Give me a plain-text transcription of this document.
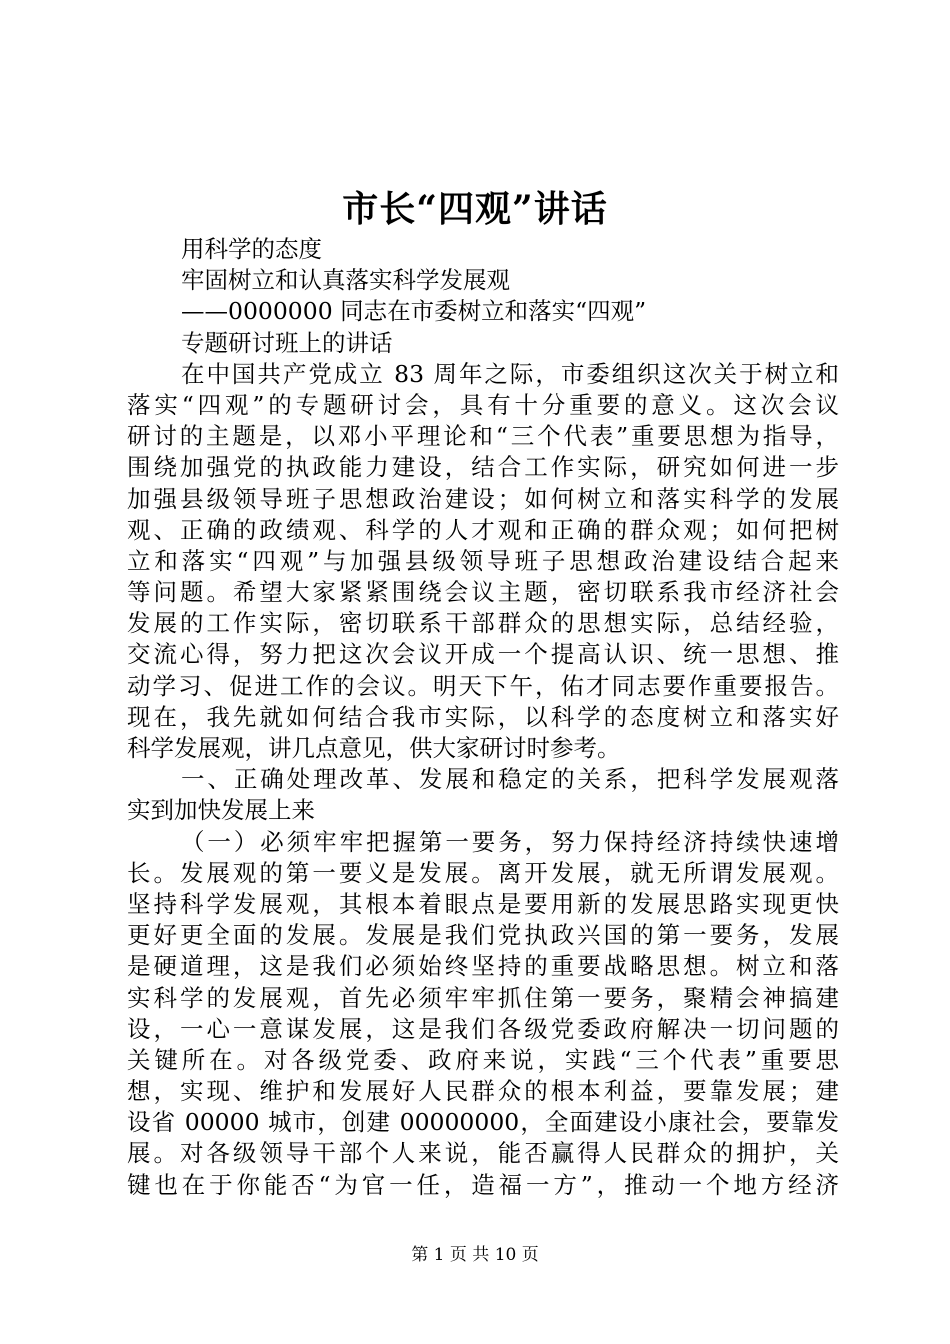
市长“四观”讲话
用科学的态度
牢固树立和认真落实科学发展观
——0000000 同志在市委树立和落实“四观”
专题研讨班上的讲话
在中国共产党成立 83 周年之际，市委组织这次关于树立和
落实“四观”的专题研讨会，具有十分重要的意义。这次会议
研讨的主题是，以邓小平理论和“三个代表”重要思想为指导，
围绕加强党的执政能力建设，结合工作实际，研究如何进一步
加强县级领导班子思想政治建设；如何树立和落实科学的发展
观、正确的政绩观、科学的人才观和正确的群众观；如何把树
立和落实“四观”与加强县级领导班子思想政治建设结合起来
等问题。希望大家紧紧围绕会议主题，密切联系我市经济社会
发展的工作实际，密切联系干部群众的思想实际，总结经验，
交流心得，努力把这次会议开成一个提高认识、统一思想、推
动学习、促进工作的会议。明天下午，佑才同志要作重要报告。
现在，我先就如何结合我市实际，以科学的态度树立和落实好
科学发展观，讲几点意见，供大家研讨时参考。
一、正确处理改革、发展和稳定的关系，把科学发展观落
实到加快发展上来
（一）必须牢牢把握第一要务，努力保持经济持续快速增
长。发展观的第一要义是发展。离开发展，就无所谓发展观。
坚持科学发展观，其根本着眼点是要用新的发展思路实现更快
更好更全面的发展。发展是我们党执政兴国的第一要务，发展
是硬道理，这是我们必须始终坚持的重要战略思想。树立和落
实科学的发展观，首先必须牢牢抓住第一要务，聚精会神搞建
设，一心一意谋发展，这是我们各级党委政府解决一切问题的
关键所在。对各级党委、政府来说，实践“三个代表”重要思
想，实现、维护和发展好人民群众的根本利益，要靠发展；建
设省 00000 城市，创建 00000000，全面建设小康社会，要靠发
展。对各级领导干部个人来说，能否赢得人民群众的拥护，关
键也在于你能否“为官一任，造福一方”，推动一个地方经济
第 1 页 共 10 页
